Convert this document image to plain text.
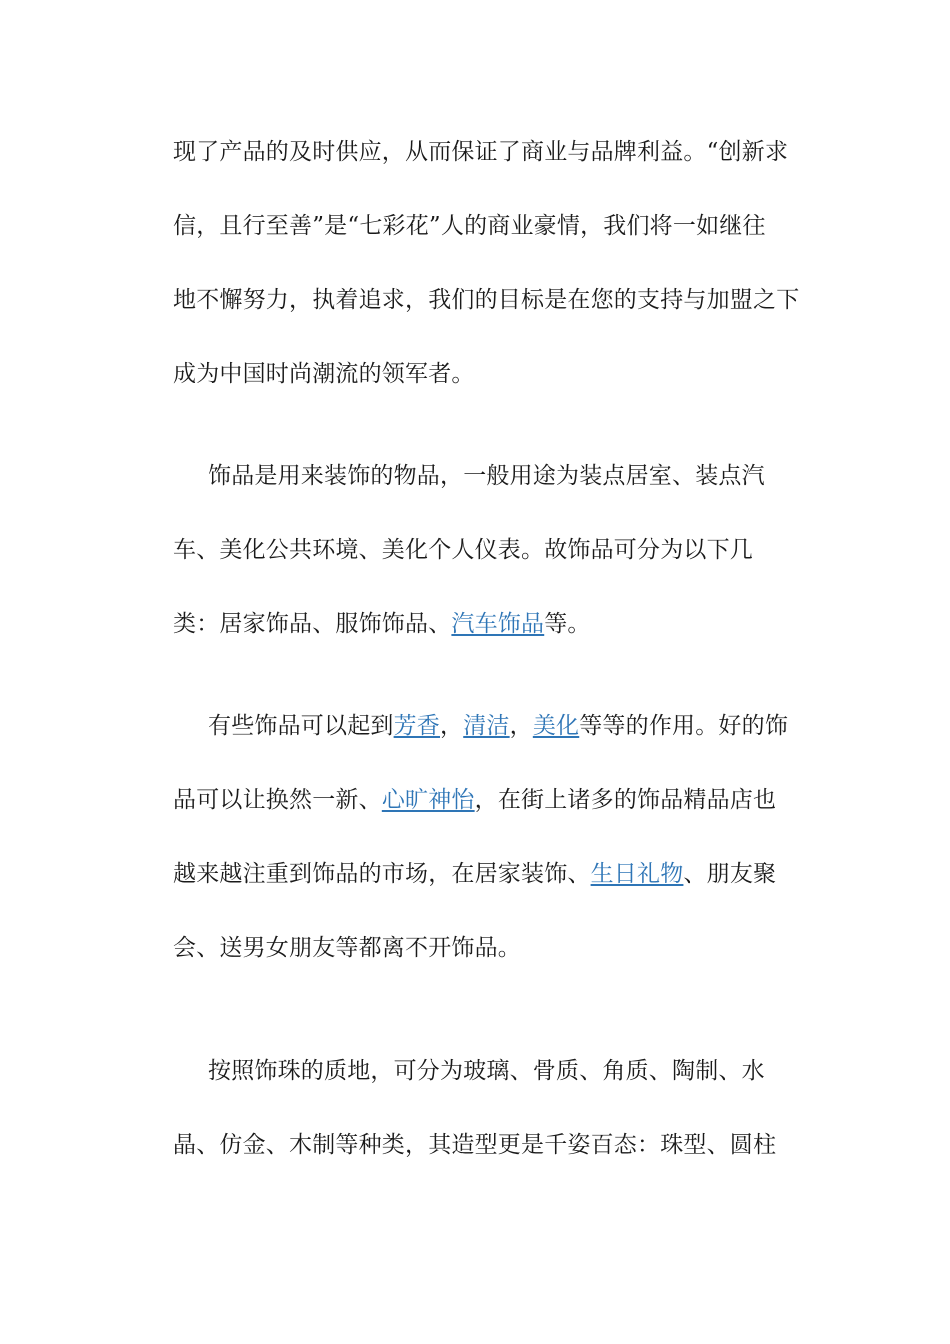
现了产品的及时供应，从而保证了商业与品牌利益。“创新求
信，且行至善”是“七彩花”人的商业豪情，我们将一如继往
地不懈努力，执着追求，我们的目标是在您的支持与加盟之下
成为中国时尚潮流的领军者。
饰品是用来装饰的物品，一般用途为装点居室、装点汽
车、美化公共环境、美化个人仪表。故饰品可分为以下几
类：居家饰品、服饰饰品、汽车饰品等。
有些饰品可以起到芳香，清洁，美化等等的作用。好的饰
品可以让换然一新、心旷神怡，在街上诸多的饰品精品店也
越来越注重到饰品的市场，在居家装饰、生日礼物、朋友聚
会、送男女朋友等都离不开饰品。
按照饰珠的质地，可分为玻璃、骨质、角质、陶制、水
晶、仿金、木制等种类，其造型更是千姿百态：珠型、圆柱
